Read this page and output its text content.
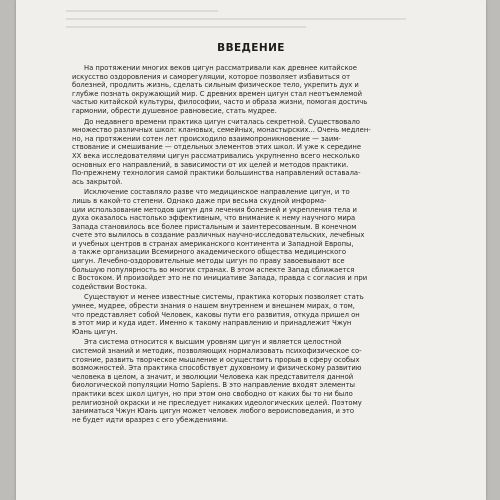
ВВЕДЕНИЕ
На протяжении многих веков цигун рассматривали как древнее китайское
искусство оздоровления и саморегуляции, которое позволяет избавиться от
болезней, продлить жизнь, сделать сильным физическое тело, укрепить дух и
глубже познать окружающий мир. С древних времен цигун стал неотъемлемой
частью китайской культуры, философии, часто и образа жизни, помогая достичь
гармонии, обрести душевное равновесие, стать мудрее.
До недавнего времени практика цигун считалась секретной. Существовало
множество различных школ: клановых, семейных, монастырских... Очень медлен-
но, на протяжении сотен лет происходило взаимопроникновение — заим-
ствование и смешивание — отдельных элементов этих школ. И уже к середине
XX века исследователями цигун рассматривались укрупненно всего несколько
основных его направлений, в зависимости от их целей и методов практики.
По-прежнему технология самой практики большинства направлений оставала-
ась закрытой.
Исключение составляло разве что медицинское направление цигун, и то
лишь в какой-то степени. Однако даже при весьма скудной информа-
ции использование методов цигун для лечения болезней и укрепления тела и
духа оказалось настолько эффективным, что внимание к нему научного мира
Запада становилось все более пристальным и заинтересованным. В конечном
счете это вылилось в создание различных научно-исследовательских, лечебных
и учебных центров в странах американского континента и Западной Европы,
а также организации Всемирного академического общества медицинского
цигун. Лечебно-оздоровительные методы цигун по праву завоевывают все
большую популярность во многих странах. В этом аспекте Запад сближается
с Востоком. И произойдет это не по инициативе Запада, правда с согласия и при
содействии Востока.
Существуют и менее известные системы, практика которых позволяет стать
умнее, мудрее, обрести знания о нашем внутреннем и внешнем мирах, о том,
что представляет собой Человек, каковы пути его развития, откуда пришел он
в этот мир и куда идет. Именно к такому направлению и принадлежит Чжун
Юань цигун.
Эта система относится к высшим уровням цигун и является целостной
системой знаний и методик, позволяющих нормализовать психофизическое со-
стояние, развить творческое мышление и осуществить прорыв в сферу особых
возможностей. Эта практика способствует духовному и физическому развитию
человека в целом, а значит, и эволюции Человека как представителя данной
биологической популяции Homo Sapiens. В это направление входят элементы
практики всех школ цигун, но при этом оно свободно от каких бы то ни было
религиозной окраски и не преследует никаких идеологических целей. Поэтому
заниматься Чжун Юань цигун может человек любого вероисповедания, и это
не будет идти вразрез с его убеждениями.
